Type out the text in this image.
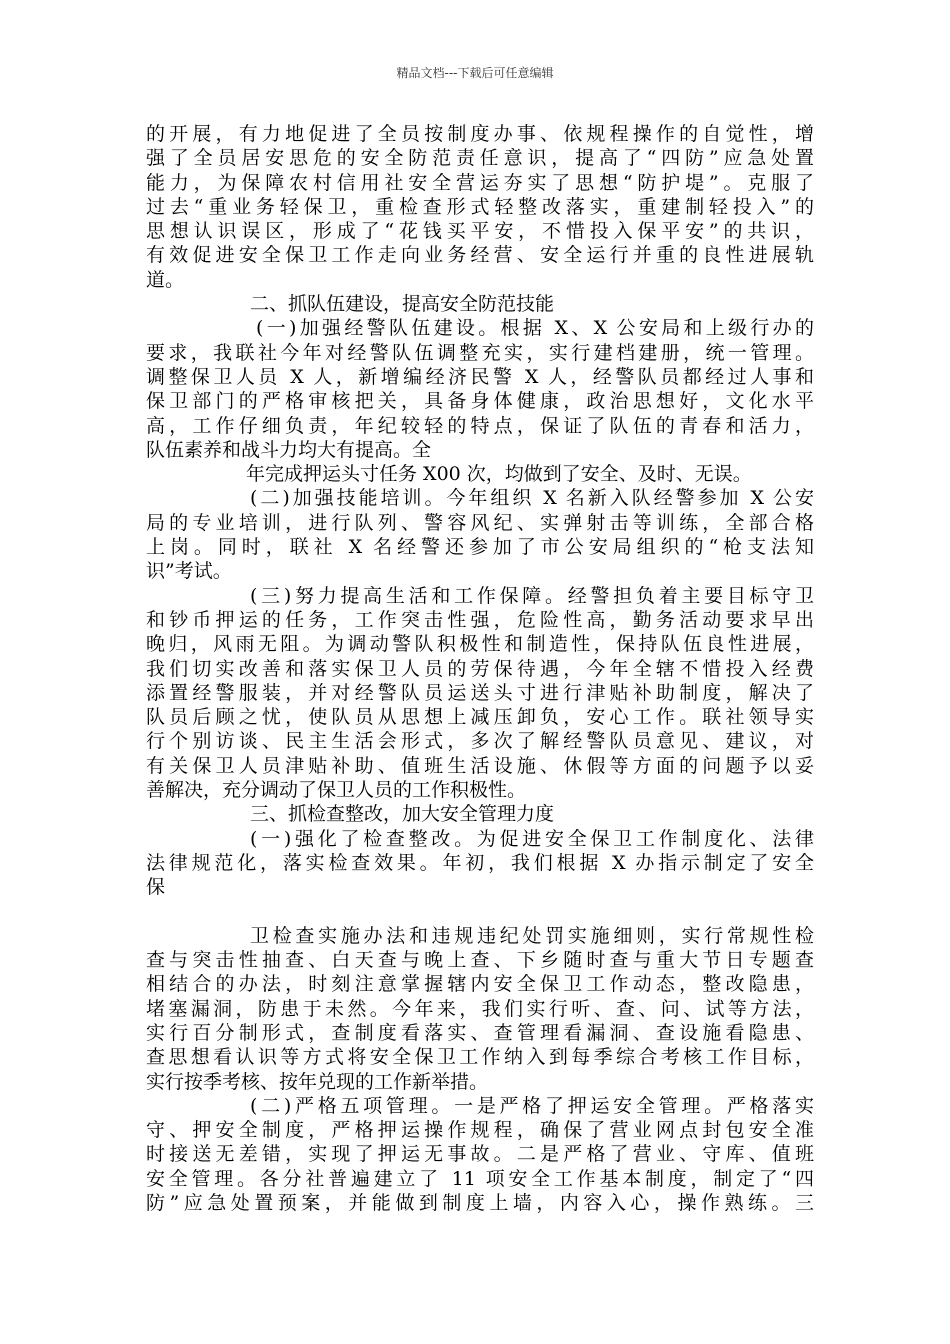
精品文档---下载后可任意编辑
的开展，有力地促进了全员按制度办事、依规程操作的自觉性，增
强了全员居安思危的安全防范责任意识，提高了“四防”应急处置
能力，为保障农村信用社安全营运夯实了思想“防护堤”。克服了
过去“重业务轻保卫，重检查形式轻整改落实，重建制轻投入”的
思想认识误区，形成了“花钱买平安，不惜投入保平安”的共识，
有效促进安全保卫工作走向业务经营、安全运行并重的良性进展轨
道。
二、抓队伍建设，提高安全防范技能
(一)加强经警队伍建设。根据 X、X 公安局和上级行办的
要求，我联社今年对经警队伍调整充实，实行建档建册，统一管理。
调整保卫人员 X 人，新增编经济民警 X 人，经警队员都经过人事和
保卫部门的严格审核把关，具备身体健康，政治思想好，文化水平
高，工作仔细负责，年纪较轻的特点，保证了队伍的青春和活力，
队伍素养和战斗力均大有提高。全
年完成押运头寸任务 X00 次，均做到了安全、及时、无误。
(二)加强技能培训。今年组织 X 名新入队经警参加 X 公安
局的专业培训，进行队列、警容风纪、实弹射击等训练，全部合格
上岗。同时，联社 X 名经警还参加了市公安局组织的“枪支法知
识”考试。
(三)努力提高生活和工作保障。经警担负着主要目标守卫
和钞币押运的任务，工作突击性强，危险性高，勤务活动要求早出
晚归，风雨无阻。为调动警队积极性和制造性，保持队伍良性进展，
我们切实改善和落实保卫人员的劳保待遇，今年全辖不惜投入经费
添置经警服装，并对经警队员运送头寸进行津贴补助制度，解决了
队员后顾之忧，使队员从思想上减压卸负，安心工作。联社领导实
行个别访谈、民主生活会形式，多次了解经警队员意见、建议，对
有关保卫人员津贴补助、值班生活设施、休假等方面的问题予以妥
善解决，充分调动了保卫人员的工作积极性。
三、抓检查整改，加大安全管理力度
(一)强化了检查整改。为促进安全保卫工作制度化、法律
法律规范化，落实检查效果。年初，我们根据 X 办指示制定了安全
保
卫检查实施办法和违规违纪处罚实施细则，实行常规性检
查与突击性抽查、白天查与晚上查、下乡随时查与重大节日专题查
相结合的办法，时刻注意掌握辖内安全保卫工作动态，整改隐患，
堵塞漏洞，防患于未然。今年来，我们实行听、查、问、试等方法，
实行百分制形式，查制度看落实、查管理看漏洞、查设施看隐患、
查思想看认识等方式将安全保卫工作纳入到每季综合考核工作目标，
实行按季考核、按年兑现的工作新举措。
(二)严格五项管理。一是严格了押运安全管理。严格落实
守、押安全制度，严格押运操作规程，确保了营业网点封包安全准
时接送无差错，实现了押运无事故。二是严格了营业、守库、值班
安全管理。各分社普遍建立了 11 项安全工作基本制度，制定了“四
防”应急处置预案，并能做到制度上墙，内容入心，操作熟练。三
